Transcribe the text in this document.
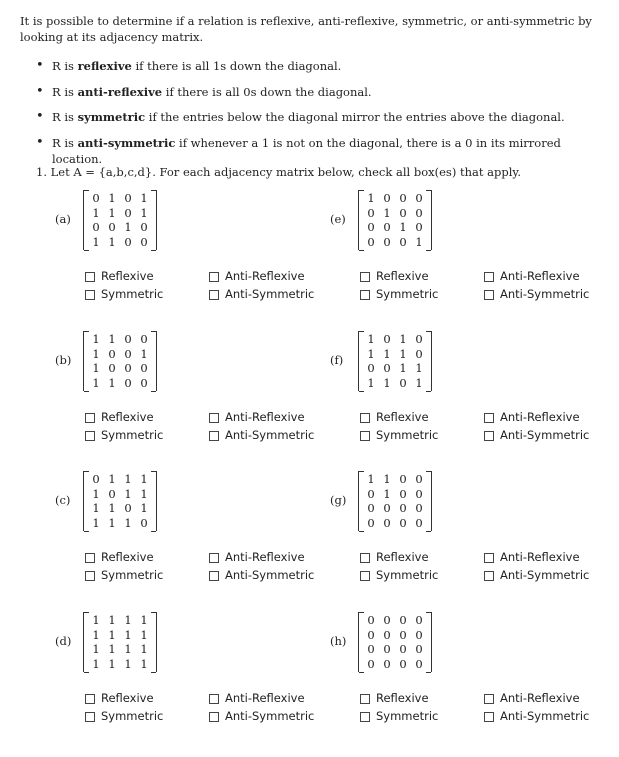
It is possible to determine if a relation is reflexive, anti-reflexive, symmetric, or anti-symmetric by looking at its adjacency matrix.
• R is reflexive if there is all 1s down the diagonal.
• R is anti-reflexive if there is all 0s down the diagonal.
• R is symmetric if the entries below the diagonal mirror the entries above the diagonal.
• R is anti-symmetric if whenever a 1 is not on the diagonal, there is a 0 in its mirrored location.
1. Let A = {a,b,c,d}. For each adjacency matrix below, check all box(es) that apply.
(a)
0 1 0 1
1 1 0 1
0 0 1 0
1 1 0 0
Reflexive	Anti-Reflexive
Symmetric	Anti-Symmetric
(e)
1 0 0 0
0 1 0 0
0 0 1 0
0 0 0 1
Reflexive	Anti-Reflexive
Symmetric	Anti-Symmetric
(b)
1 1 0 0
1 0 0 1
1 0 0 0
1 1 0 0
Reflexive	Anti-Reflexive
Symmetric	Anti-Symmetric
(f)
1 0 1 0
1 1 1 0
0 0 1 1
1 1 0 1
Reflexive	Anti-Reflexive
Symmetric	Anti-Symmetric
(c)
0 1 1 1
1 0 1 1
1 1 0 1
1 1 1 0
Reflexive	Anti-Reflexive
Symmetric	Anti-Symmetric
(g)
1 1 0 0
0 1 0 0
0 0 0 0
0 0 0 0
Reflexive	Anti-Reflexive
Symmetric	Anti-Symmetric
(d)
1 1 1 1
1 1 1 1
1 1 1 1
1 1 1 1
Reflexive	Anti-Reflexive
Symmetric	Anti-Symmetric
(h)
0 0 0 0
0 0 0 0
0 0 0 0
0 0 0 0
Reflexive	Anti-Reflexive
Symmetric	Anti-Symmetric
